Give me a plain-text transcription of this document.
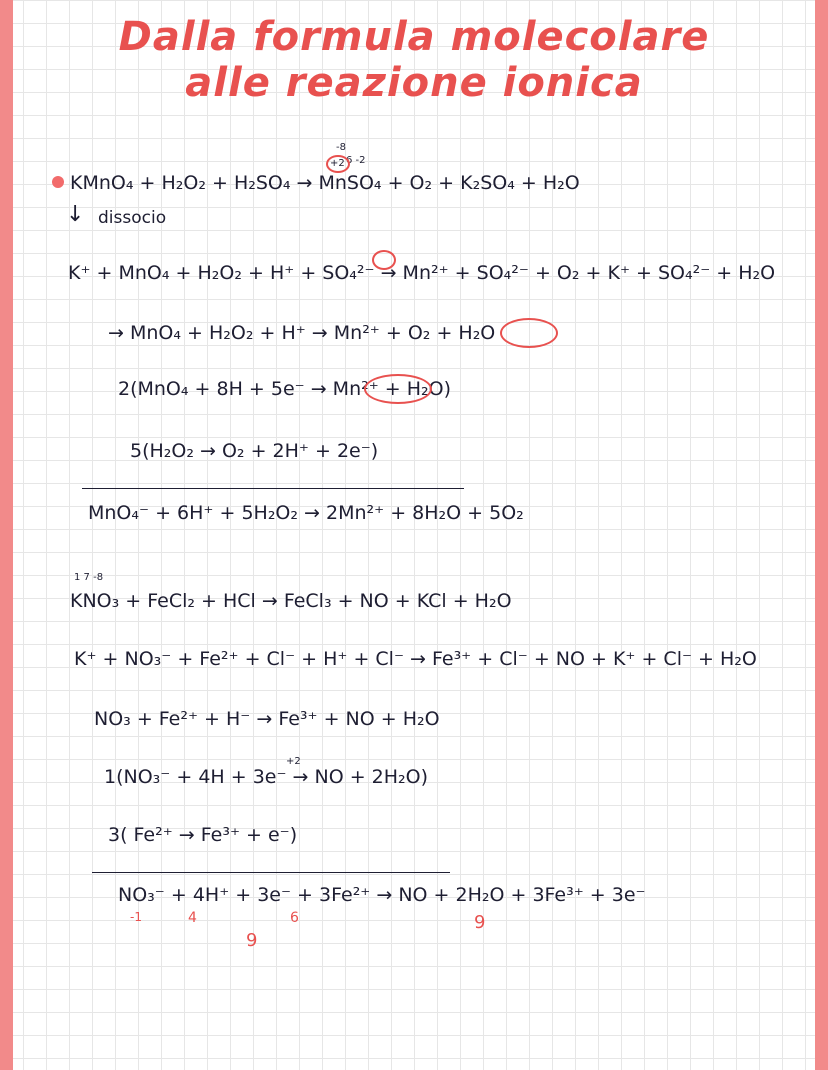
Dalla formula molecolare
alle reazione ionica
-8
6 -2
+2
KMnO₄ + H₂O₂ + H₂SO₄ → MnSO₄ + O₂ + K₂SO₄ + H₂O
↓ dissocio
K⁺ + MnO₄ + H₂O₂ + H⁺ + SO₄²⁻ → Mn²⁺ + SO₄²⁻ + O₂ + K⁺ + SO₄²⁻ + H₂O
→ MnO₄ + H₂O₂ + H⁺ → Mn²⁺ + O₂ + H₂O
2(MnO₄ + 8H + 5e⁻ → Mn²⁺ + H₂O)
5(H₂O₂ → O₂ + 2H⁺ + 2e⁻)
MnO₄⁻ + 6H⁺ + 5H₂O₂ → 2Mn²⁺ + 8H₂O + 5O₂
1 7 -8
KNO₃ + FeCl₂ + HCl → FeCl₃ + NO + KCl + H₂O
K⁺ + NO₃⁻ + Fe²⁺ + Cl⁻ + H⁺ + Cl⁻ → Fe³⁺ + Cl⁻ + NO + K⁺ + Cl⁻ + H₂O
NO₃ + Fe²⁺ + H⁻ → Fe³⁺ + NO + H₂O
+2
1(NO₃⁻ + 4H + 3e⁻ → NO + 2H₂O)
3( Fe²⁺ → Fe³⁺ + e⁻)
NO₃⁻ + 4H⁺ + 3e⁻ + 3Fe²⁺ → NO + 2H₂O + 3Fe³⁺ + 3e⁻
-1	4	6	9
9
